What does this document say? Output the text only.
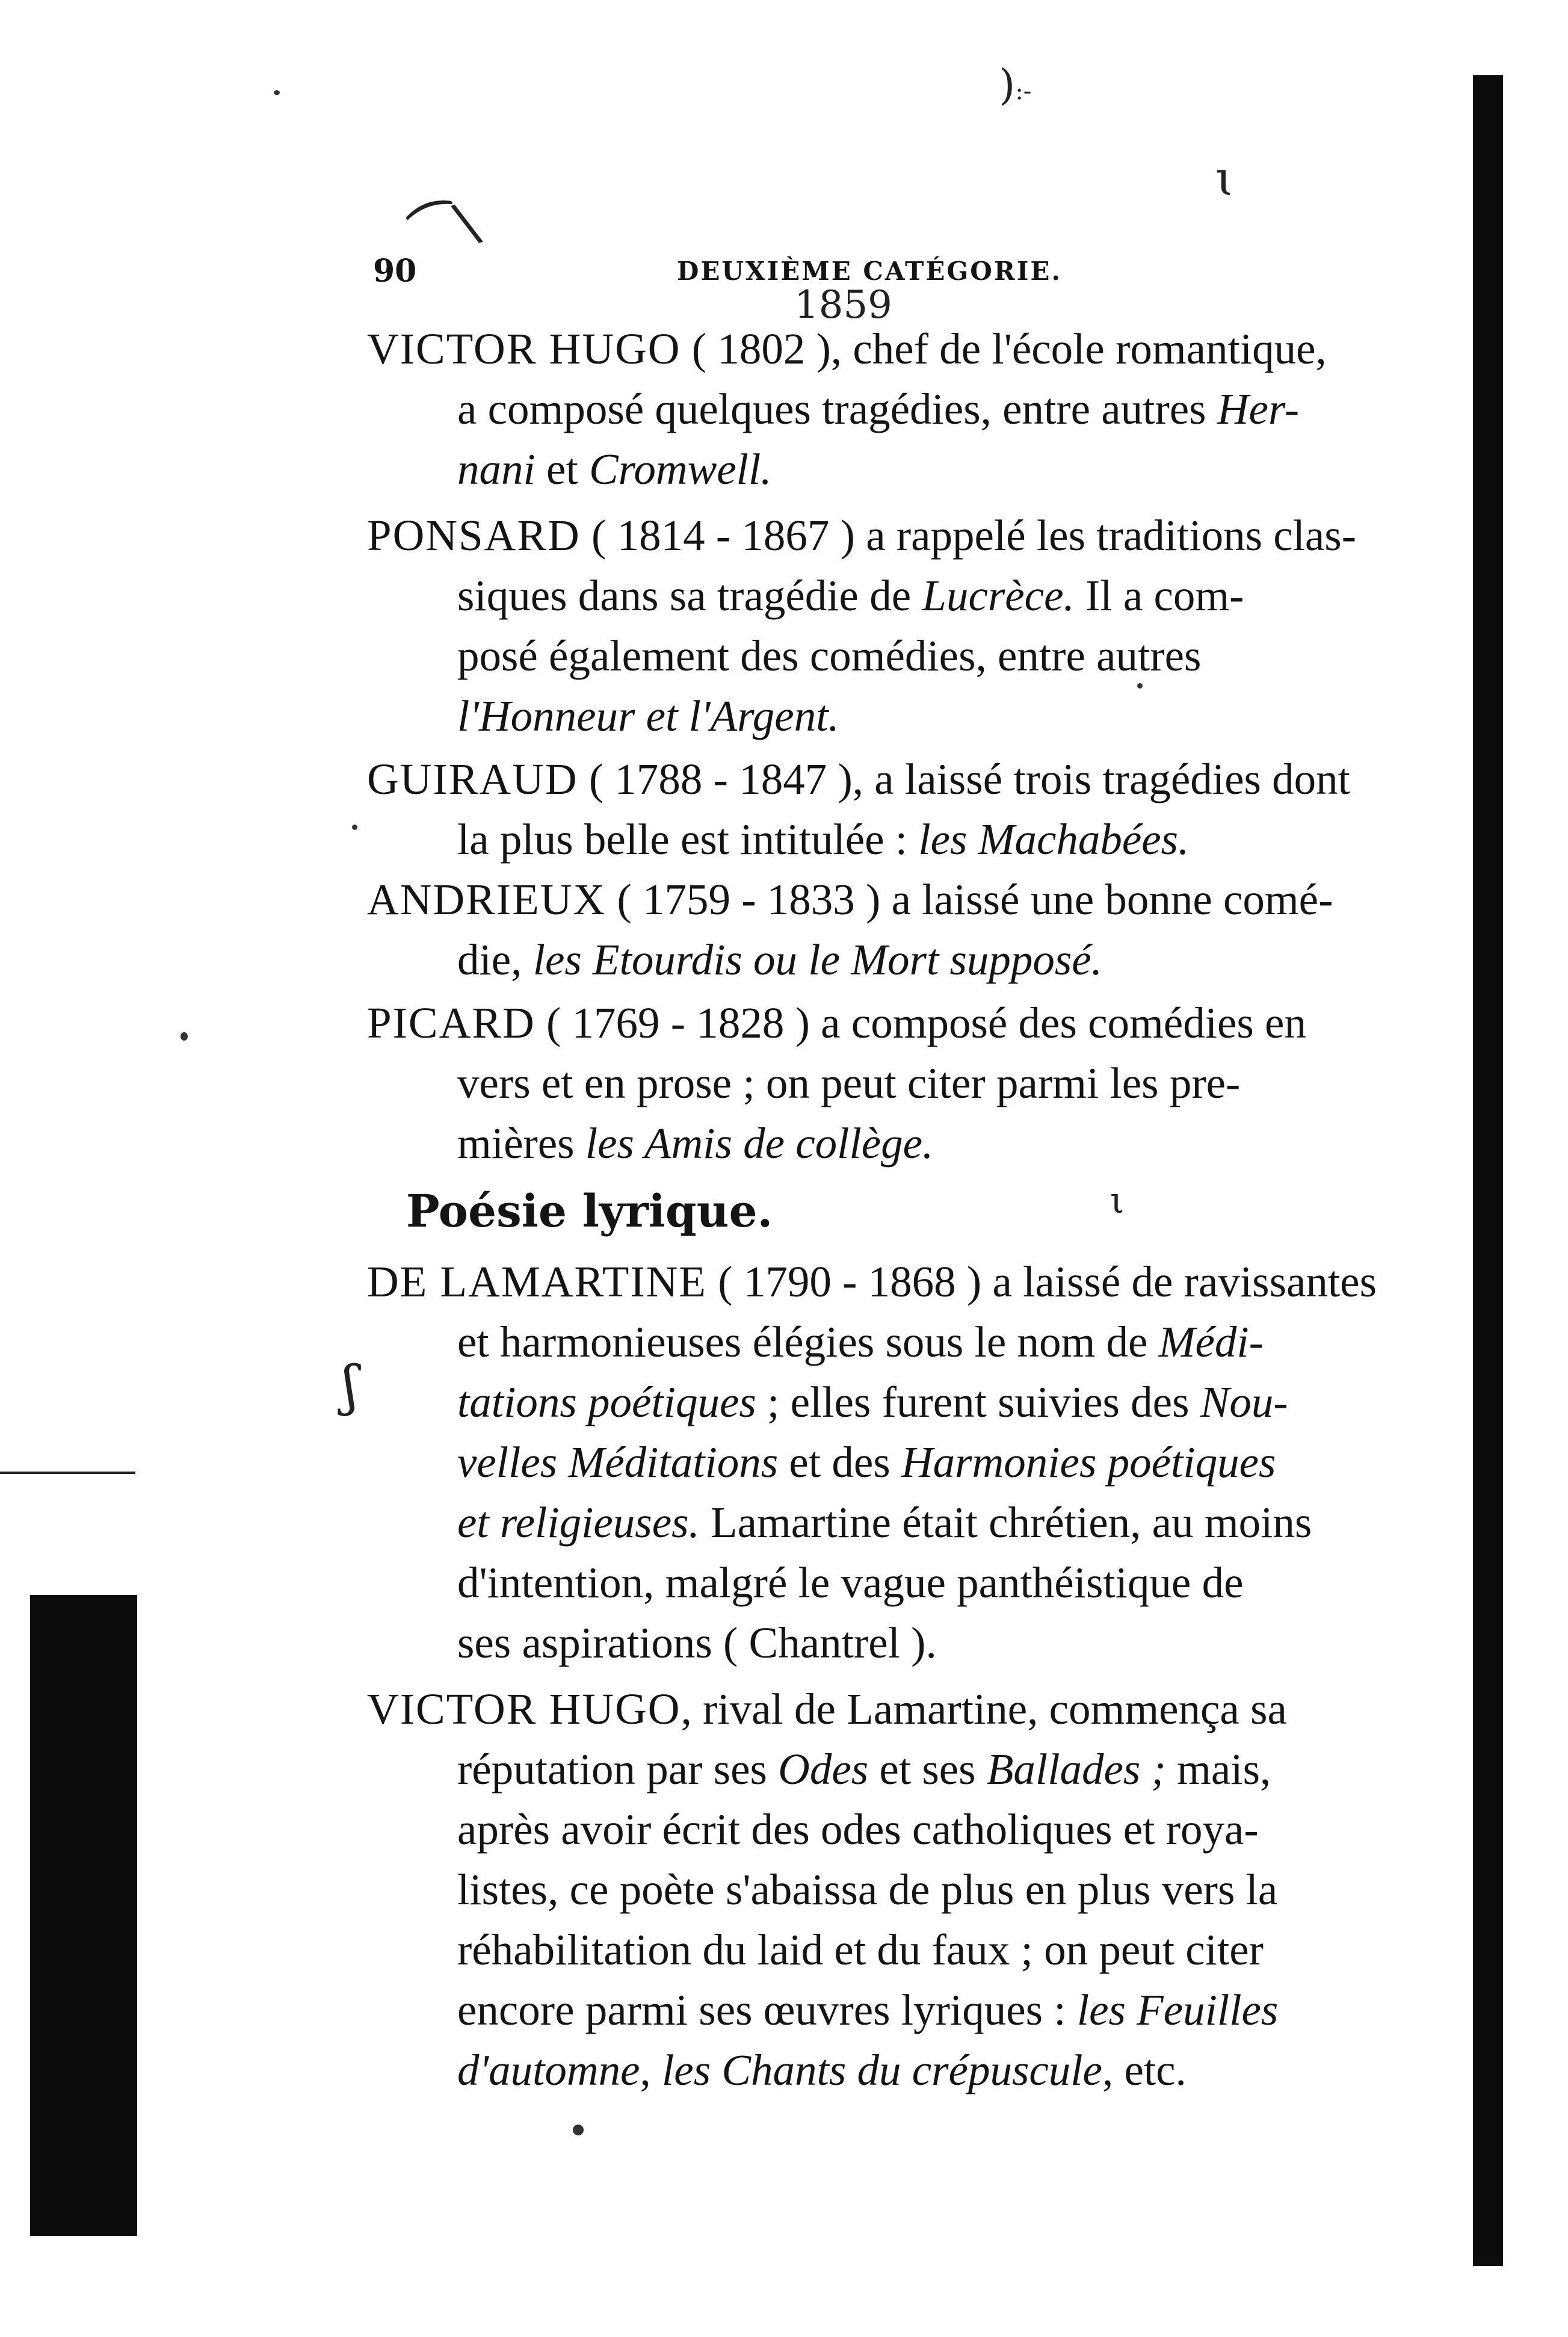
):-
ɩ
⁀\
ʃ
ι
90	DEUXIÈME CATÉGORIE.
1859
Poésie lyrique.
VICTOR HUGO ( 1802 ), chef de l'école romantique,
a composé quelques tragédies, entre autres Her-
nani et Cromwell.
PONSARD ( 1814 - 1867 ) a rappelé les traditions clas-
siques dans sa tragédie de Lucrèce. Il a com-
posé également des comédies, entre autres
l'Honneur et l'Argent.
GUIRAUD ( 1788 - 1847 ), a laissé trois tragédies dont
la plus belle est intitulée : les Machabées.
ANDRIEUX ( 1759 - 1833 ) a laissé une bonne comé-
die, les Etourdis ou le Mort supposé.
PICARD ( 1769 - 1828 ) a composé des comédies en
vers et en prose ; on peut citer parmi les pre-
mières les Amis de collège.
DE LAMARTINE ( 1790 - 1868 ) a laissé de ravissantes
et harmonieuses élégies sous le nom de Médi-
tations poétiques ; elles furent suivies des Nou-
velles Méditations et des Harmonies poétiques
et religieuses. Lamartine était chrétien, au moins
d'intention, malgré le vague panthéistique de
ses aspirations ( Chantrel ).
VICTOR HUGO, rival de Lamartine, commença sa
réputation par ses Odes et ses Ballades ; mais,
après avoir écrit des odes catholiques et roya-
listes, ce poète s'abaissa de plus en plus vers la
réhabilitation du laid et du faux ; on peut citer
encore parmi ses œuvres lyriques : les Feuilles
d'automne, les Chants du crépuscule, etc.
